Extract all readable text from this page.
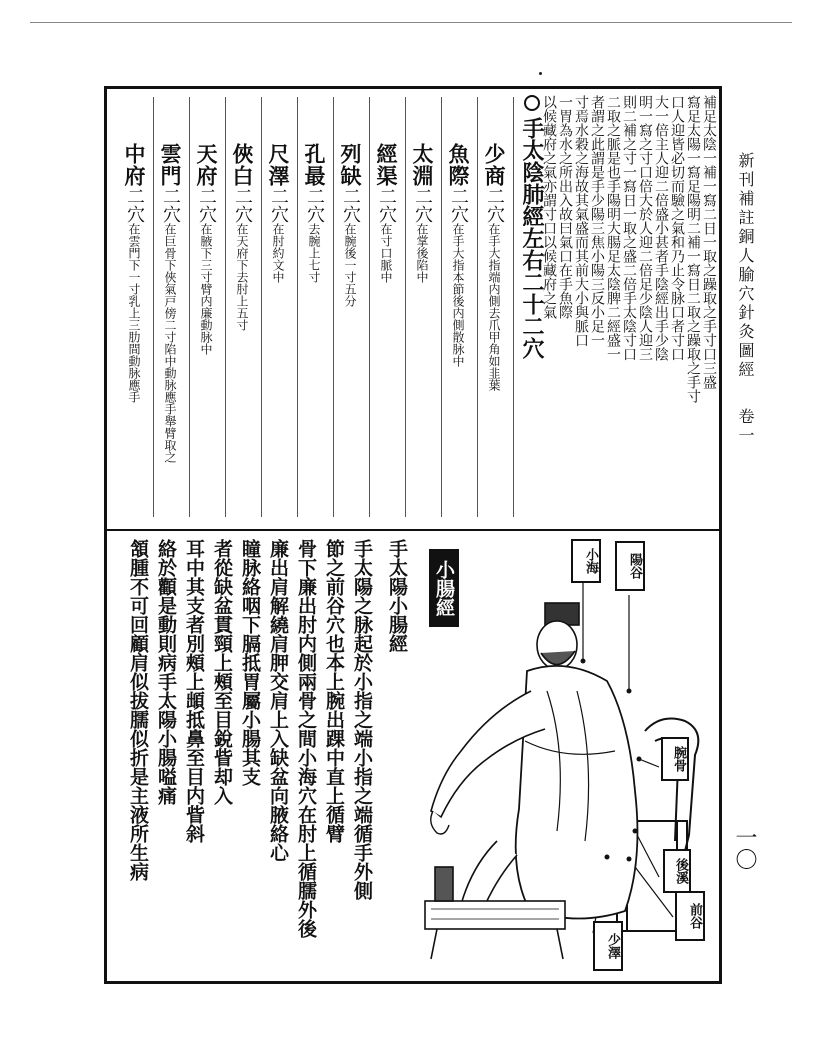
新刊補註銅人腧穴針灸圖經卷一
一〇
補足太陰一補一寫二日一取之躁取之手寸口三盛
寫足太陽一寫足陽明二補一寫日二取之躁取之手寸
口人迎皆必切而驗之氣和乃止令脉口者寸口
大一倍主人迎二倍盛小甚者手陰經出手少陰
明一寫之寸口倍大於人迎二倍足少陰人迎三
則二補之寸一寫日一取之盛二倍手太陰寸口
二取之脈是也手陽明大腸足太陰脾二經盛一
者謂之此謂是手少陽三焦小陽三反小足一
寸焉水穀之海故其氣盛而其前大小與脈口
一胃為水之所出入故曰氣口在手魚際
以候藏府之氣亦謂寸口以候藏府之氣
手太陰肺經左右二十二穴
少商二穴在手大指端内側去爪甲角如韭葉
魚際二穴在手大指本節後内側散脉中
太淵二穴在掌後陷中
經渠二穴在寸口脈中
列缺二穴在腕後一寸五分
孔最二穴去腕上七寸
尺澤二穴在肘約文中
俠白二穴在天府下去肘上五寸
天府二穴在腋下三寸臂内廉動脉中
雲門二穴在巨骨下俠氣戸傍二寸陷中動脉應手舉臂取之
中府二穴在雲門下一寸乳上三肋間動脉應手
手太陽小腸經
手太陽之脉起於小指之端小指之端循手外側
節之前谷穴也本上腕出踝中直上循臂
骨下廉出肘内側兩骨之間小海穴在肘上循臑外後
廉出肩解繞肩胛交肩上入缺盆向腋絡心
瞳脉絡咽下膈抵胃屬小腸其支
者從缺盆貫頸上頰至目銳眥却入
耳中其支者別頰上䪼抵鼻至目内眥斜
絡於顴是動則病手太陽小腸嗌痛
頷腫不可回顧肩似拔臑似折是主液所生病	小腸經	陽谷
小海
腕骨
後溪
前谷
少澤
